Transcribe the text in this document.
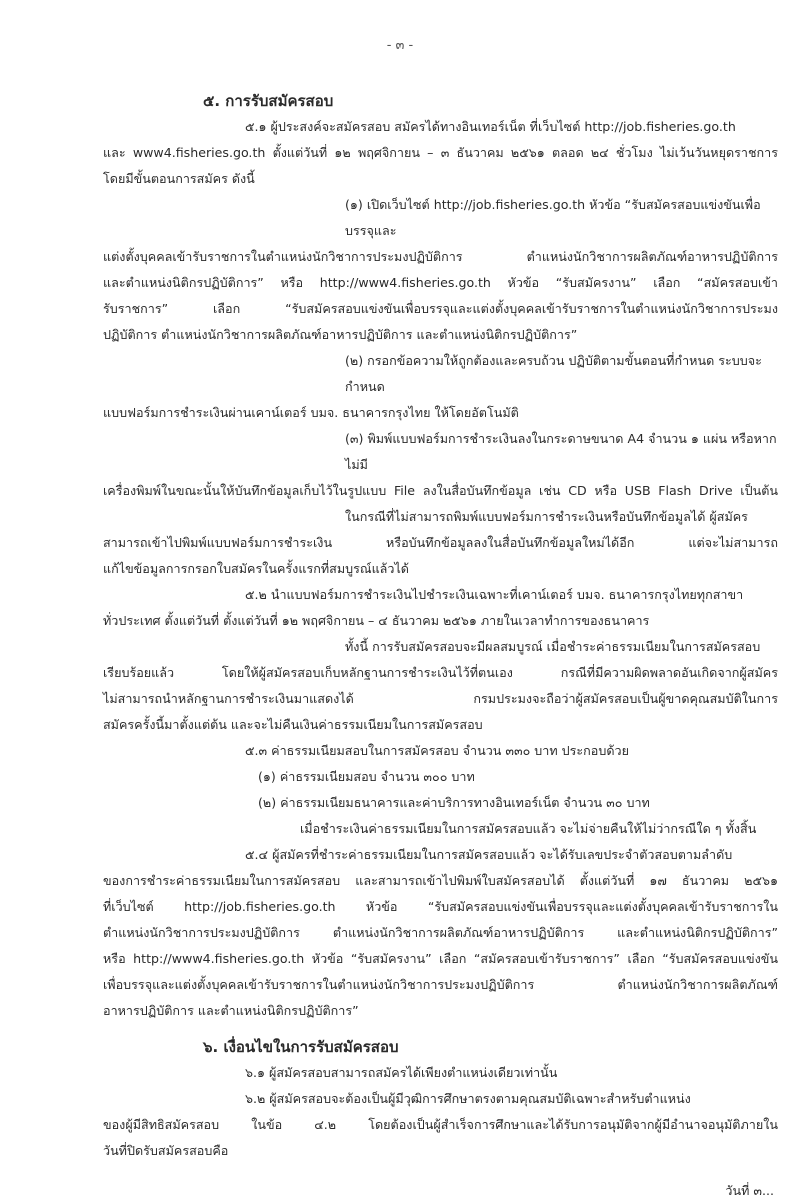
- ๓ -
๕. การรับสมัครสอบ
๕.๑ ผู้ประสงค์จะสมัครสอบ สมัครได้ทางอินเทอร์เน็ต ที่เว็บไซต์ http://job.fisheries.go.th
และ www4.fisheries.go.th ตั้งแต่วันที่ ๑๒ พฤศจิกายน – ๓ ธันวาคม ๒๕๖๑ ตลอด ๒๔ ชั่วโมง ไม่เว้นวันหยุดราชการ
โดยมีขั้นตอนการสมัคร ดังนี้
(๑) เปิดเว็บไซต์ http://job.fisheries.go.th หัวข้อ “รับสมัครสอบแข่งขันเพื่อบรรจุและ
แต่งตั้งบุคคลเข้ารับราชการในตำแหน่งนักวิชาการประมงปฏิบัติการ ตำแหน่งนักวิชาการผลิตภัณฑ์อาหารปฏิบัติการ
และตำแหน่งนิติกรปฏิบัติการ” หรือ http://www4.fisheries.go.th หัวข้อ “รับสมัครงาน” เลือก “สมัครสอบเข้า
รับราชการ” เลือก “รับสมัครสอบแข่งขันเพื่อบรรจุและแต่งตั้งบุคคลเข้ารับราชการในตำแหน่งนักวิชาการประมง
ปฏิบัติการ ตำแหน่งนักวิชาการผลิตภัณฑ์อาหารปฏิบัติการ และตำแหน่งนิติกรปฏิบัติการ”
(๒) กรอกข้อความให้ถูกต้องและครบถ้วน ปฏิบัติตามขั้นตอนที่กำหนด ระบบจะกำหนด
แบบฟอร์มการชำระเงินผ่านเคาน์เตอร์ บมจ. ธนาคารกรุงไทย ให้โดยอัตโนมัติ
(๓) พิมพ์แบบฟอร์มการชำระเงินลงในกระดาษขนาด A4 จำนวน ๑ แผ่น หรือหากไม่มี
เครื่องพิมพ์ในขณะนั้นให้บันทึกข้อมูลเก็บไว้ในรูปแบบ File ลงในสื่อบันทึกข้อมูล เช่น CD หรือ USB Flash Drive เป็นต้น
ในกรณีที่ไม่สามารถพิมพ์แบบฟอร์มการชำระเงินหรือบันทึกข้อมูลได้ ผู้สมัคร
สามารถเข้าไปพิมพ์แบบฟอร์มการชำระเงิน หรือบันทึกข้อมูลลงในสื่อบันทึกข้อมูลใหม่ได้อีก แต่จะไม่สามารถ
แก้ไขข้อมูลการกรอกใบสมัครในครั้งแรกที่สมบูรณ์แล้วได้
๕.๒ นำแบบฟอร์มการชำระเงินไปชำระเงินเฉพาะที่เคาน์เตอร์ บมจ. ธนาคารกรุงไทยทุกสาขา
ทั่วประเทศ ตั้งแต่วันที่ ตั้งแต่วันที่ ๑๒ พฤศจิกายน – ๔ ธันวาคม ๒๕๖๑ ภายในเวลาทำการของธนาคาร
ทั้งนี้ การรับสมัครสอบจะมีผลสมบูรณ์ เมื่อชำระค่าธรรมเนียมในการสมัครสอบ
เรียบร้อยแล้ว โดยให้ผู้สมัครสอบเก็บหลักฐานการชำระเงินไว้ที่ตนเอง กรณีที่มีความผิดพลาดอันเกิดจากผู้สมัคร
ไม่สามารถนำหลักฐานการชำระเงินมาแสดงได้ กรมประมงจะถือว่าผู้สมัครสอบเป็นผู้ขาดคุณสมบัติในการ
สมัครครั้งนี้มาตั้งแต่ต้น และจะไม่คืนเงินค่าธรรมเนียมในการสมัครสอบ
๕.๓ ค่าธรรมเนียมสอบในการสมัครสอบ จำนวน ๓๓๐ บาท ประกอบด้วย
(๑) ค่าธรรมเนียมสอบ จำนวน ๓๐๐ บาท
(๒) ค่าธรรมเนียมธนาคารและค่าบริการทางอินเทอร์เน็ต จำนวน ๓๐ บาท
เมื่อชำระเงินค่าธรรมเนียมในการสมัครสอบแล้ว จะไม่จ่ายคืนให้ไม่ว่ากรณีใด ๆ ทั้งสิ้น
๕.๔ ผู้สมัครที่ชำระค่าธรรมเนียมในการสมัครสอบแล้ว จะได้รับเลขประจำตัวสอบตามลำดับ
ของการชำระค่าธรรมเนียมในการสมัครสอบ และสามารถเข้าไปพิมพ์ใบสมัครสอบได้ ตั้งแต่วันที่ ๑๗ ธันวาคม ๒๕๖๑
ที่เว็บไซต์ http://job.fisheries.go.th หัวข้อ “รับสมัครสอบแข่งขันเพื่อบรรจุและแต่งตั้งบุคคลเข้ารับราชการใน
ตำแหน่งนักวิชาการประมงปฏิบัติการ ตำแหน่งนักวิชาการผลิตภัณฑ์อาหารปฏิบัติการ และตำแหน่งนิติกรปฏิบัติการ”
หรือ http://www4.fisheries.go.th หัวข้อ “รับสมัครงาน” เลือก “สมัครสอบเข้ารับราชการ” เลือก “รับสมัครสอบแข่งขัน
เพื่อบรรจุและแต่งตั้งบุคคลเข้ารับราชการในตำแหน่งนักวิชาการประมงปฏิบัติการ ตำแหน่งนักวิชาการผลิตภัณฑ์
อาหารปฏิบัติการ และตำแหน่งนิติกรปฏิบัติการ”
๖. เงื่อนไขในการรับสมัครสอบ
๖.๑ ผู้สมัครสอบสามารถสมัครได้เพียงตำแหน่งเดียวเท่านั้น
๖.๒ ผู้สมัครสอบจะต้องเป็นผู้มีวุฒิการศึกษาตรงตามคุณสมบัติเฉพาะสำหรับตำแหน่ง
ของผู้มีสิทธิสมัครสอบ ในข้อ ๔.๒ โดยต้องเป็นผู้สำเร็จการศึกษาและได้รับการอนุมัติจากผู้มีอำนาจอนุมัติภายใน
วันที่ปิดรับสมัครสอบคือ
วันที่ ๓...
